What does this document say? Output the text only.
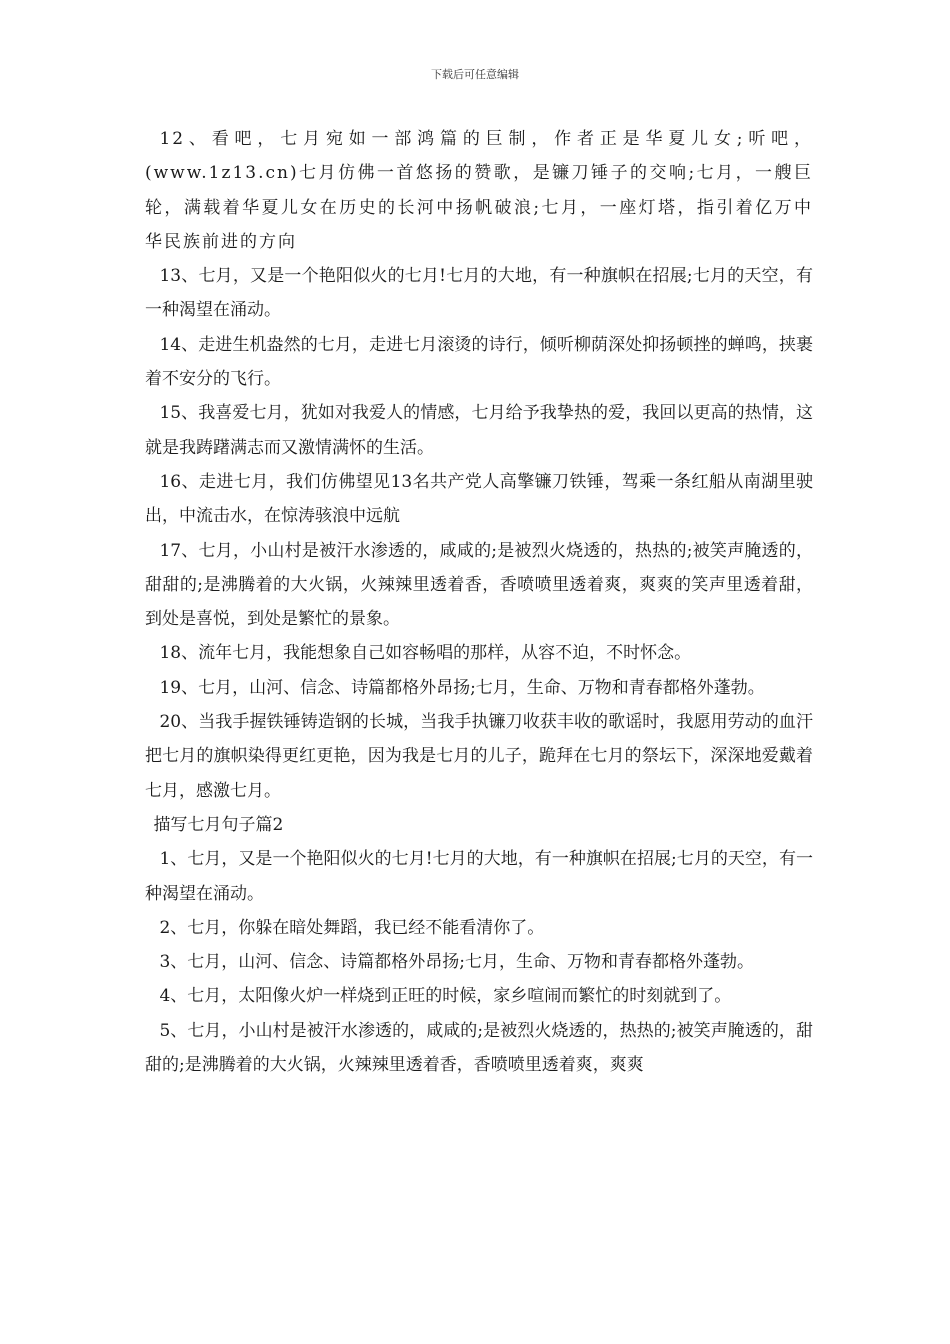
下载后可任意编辑

12、看吧，七月宛如一部鸿篇的巨制，作者正是华夏儿女;听吧，(www.1z13.cn)七月仿佛一首悠扬的赞歌，是镰刀锤子的交响;七月，一艘巨轮，满载着华夏儿女在历史的长河中扬帆破浪;七月，一座灯塔，指引着亿万中华民族前进的方向

13、七月，又是一个艳阳似火的七月!七月的大地，有一种旗帜在招展;七月的天空，有一种渴望在涌动。

14、走进生机盎然的七月，走进七月滚烫的诗行，倾听柳荫深处抑扬顿挫的蝉鸣，挟裹着不安分的飞行。

15、我喜爱七月，犹如对我爱人的情感，七月给予我挚热的爱，我回以更高的热情，这就是我踌躇满志而又激情满怀的生活。

16、走进七月，我们仿佛望见13名共产党人高擎镰刀铁锤，驾乘一条红船从南湖里驶出，中流击水，在惊涛骇浪中远航

17、七月，小山村是被汗水渗透的，咸咸的;是被烈火烧透的，热热的;被笑声腌透的，甜甜的;是沸腾着的大火锅，火辣辣里透着香，香喷喷里透着爽，爽爽的笑声里透着甜，到处是喜悦，到处是繁忙的景象。

18、流年七月，我能想象自己如容畅唱的那样，从容不迫，不时怀念。

19、七月，山河、信念、诗篇都格外昂扬;七月，生命、万物和青春都格外蓬勃。

20、当我手握铁锤铸造钢的长城，当我手执镰刀收获丰收的歌谣时，我愿用劳动的血汗把七月的旗帜染得更红更艳，因为我是七月的儿子，跪拜在七月的祭坛下，深深地爱戴着七月，感激七月。

描写七月句子篇2

1、七月，又是一个艳阳似火的七月!七月的大地，有一种旗帜在招展;七月的天空，有一种渴望在涌动。

2、七月，你躲在暗处舞蹈，我已经不能看清你了。

3、七月，山河、信念、诗篇都格外昂扬;七月，生命、万物和青春都格外蓬勃。

4、七月，太阳像火炉一样烧到正旺的时候，家乡喧闹而繁忙的时刻就到了。

5、七月，小山村是被汗水渗透的，咸咸的;是被烈火烧透的，热热的;被笑声腌透的，甜甜的;是沸腾着的大火锅，火辣辣里透着香，香喷喷里透着爽，爽爽
